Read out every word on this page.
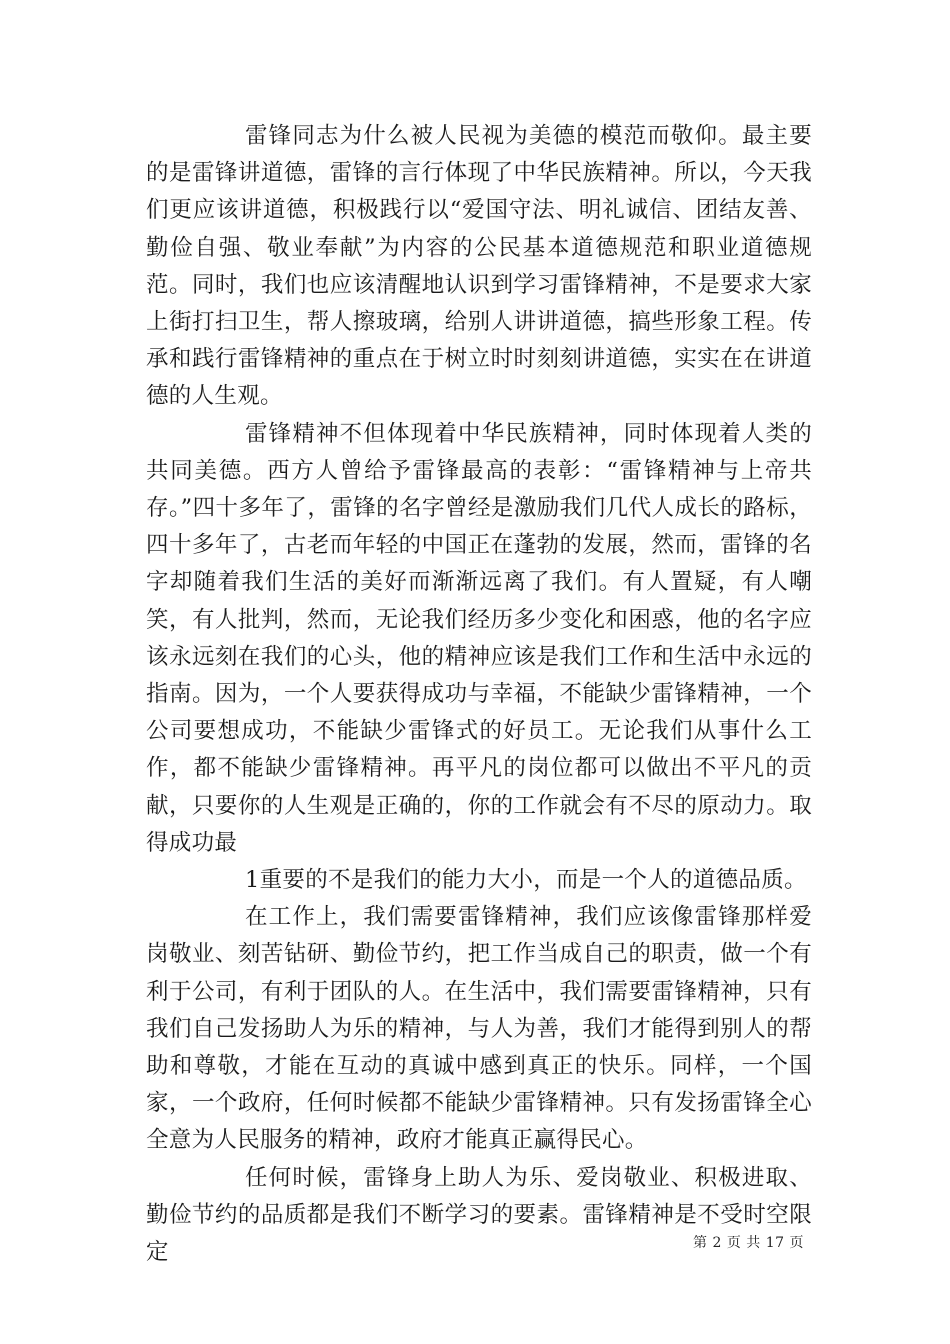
雷锋同志为什么被人民视为美德的模范而敬仰。最主要的是雷锋讲道德，雷锋的言行体现了中华民族精神。所以，今天我们更应该讲道德，积极践行以“爱国守法、明礼诚信、团结友善、勤俭自强、敬业奉献”为内容的公民基本道德规范和职业道德规范。同时，我们也应该清醒地认识到学习雷锋精神，不是要求大家上街打扫卫生，帮人擦玻璃，给别人讲讲道德，搞些形象工程。传承和践行雷锋精神的重点在于树立时时刻刻讲道德，实实在在讲道德的人生观。

雷锋精神不但体现着中华民族精神，同时体现着人类的共同美德。西方人曾给予雷锋最高的表彰：“雷锋精神与上帝共存。”四十多年了，雷锋的名字曾经是激励我们几代人成长的路标，四十多年了，古老而年轻的中国正在蓬勃的发展，然而，雷锋的名字却随着我们生活的美好而渐渐远离了我们。有人置疑，有人嘲笑，有人批判，然而，无论我们经历多少变化和困惑，他的名字应该永远刻在我们的心头，他的精神应该是我们工作和生活中永远的指南。因为，一个人要获得成功与幸福，不能缺少雷锋精神，一个公司要想成功，不能缺少雷锋式的好员工。无论我们从事什么工作，都不能缺少雷锋精神。再平凡的岗位都可以做出不平凡的贡献，只要你的人生观是正确的，你的工作就会有不尽的原动力。取得成功最

1重要的不是我们的能力大小，而是一个人的道德品质。

在工作上，我们需要雷锋精神，我们应该像雷锋那样爱岗敬业、刻苦钻研、勤俭节约，把工作当成自己的职责，做一个有利于公司，有利于团队的人。在生活中，我们需要雷锋精神，只有我们自己发扬助人为乐的精神，与人为善，我们才能得到别人的帮助和尊敬，才能在互动的真诚中感到真正的快乐。同样，一个国家，一个政府，任何时候都不能缺少雷锋精神。只有发扬雷锋全心全意为人民服务的精神，政府才能真正赢得民心。

任何时候，雷锋身上助人为乐、爱岗敬业、积极进取、勤俭节约的品质都是我们不断学习的要素。雷锋精神是不受时空限定	第 2 页 共 17 页
